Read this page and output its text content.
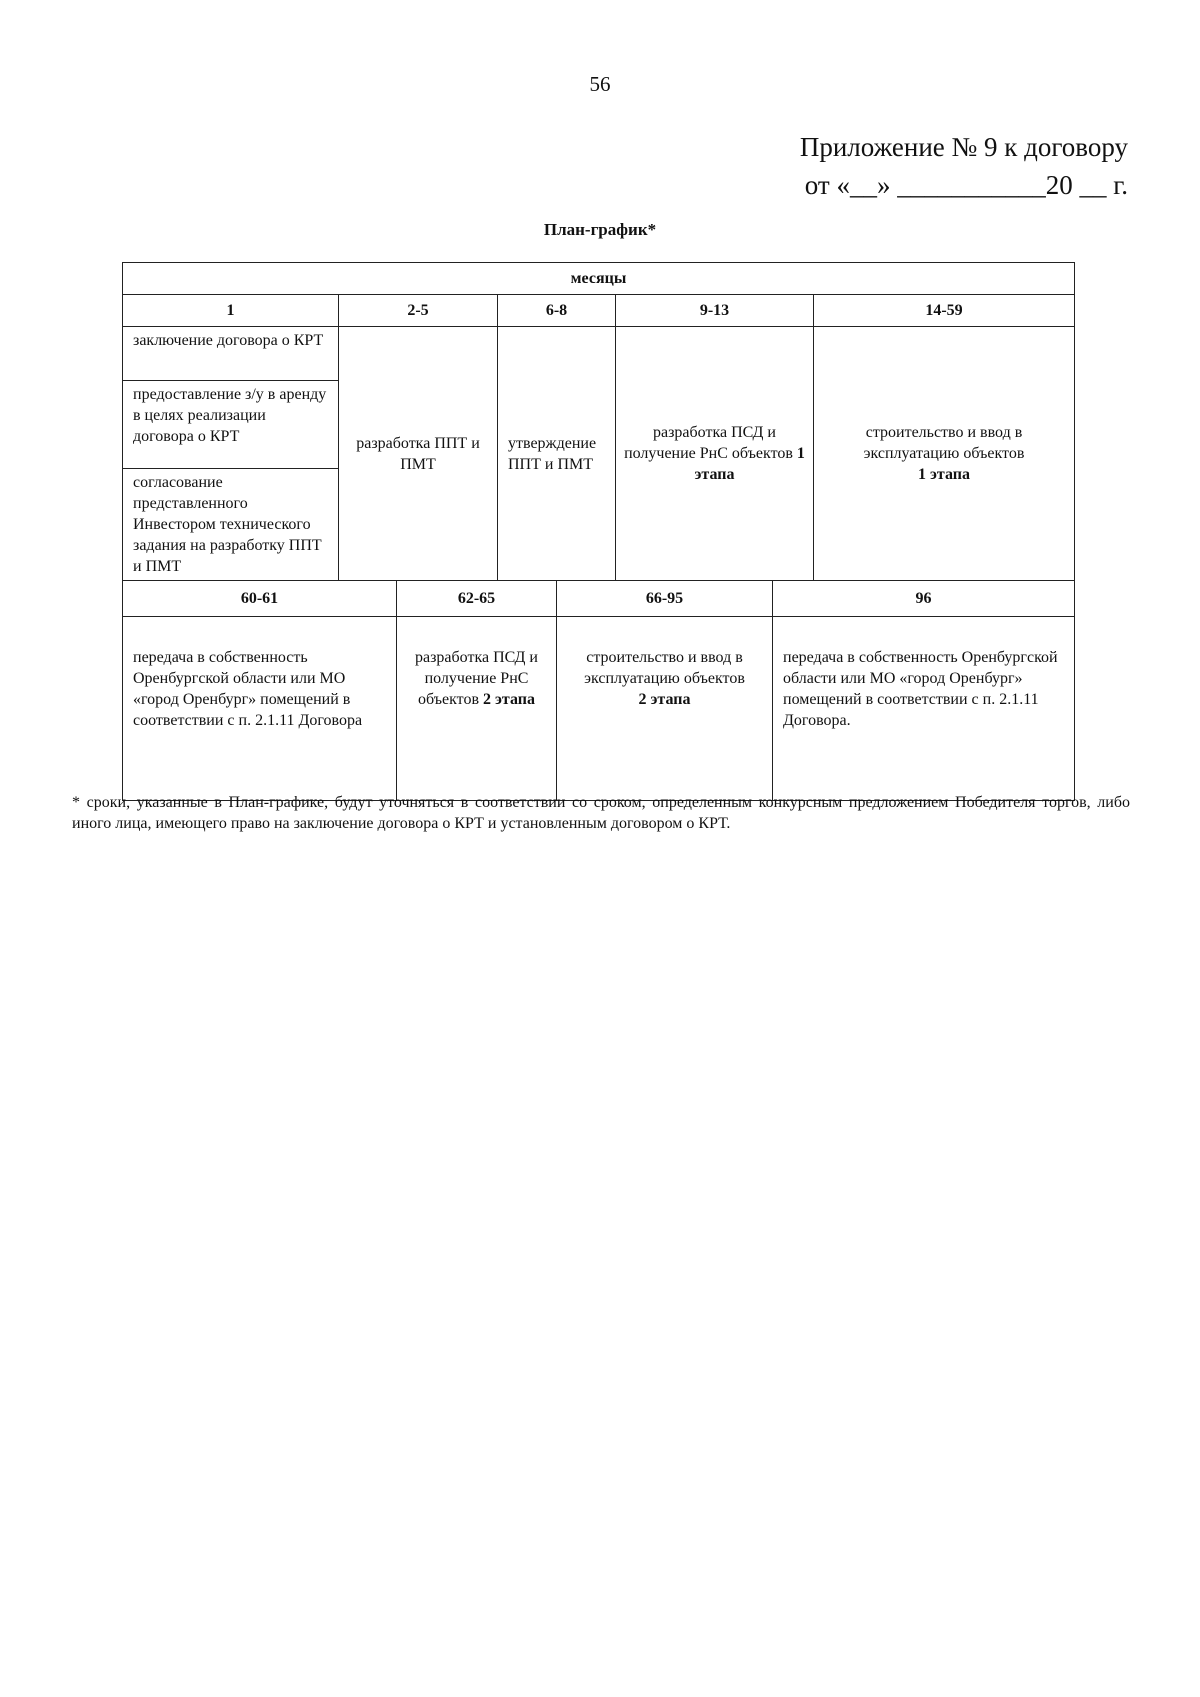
56
Приложение № 9 к договору
от «__» ___________20 __ г.
План-график*
месяцы							
1	2-5		6-8		9-13		14-59
заключение договора о КРТ	разработка ППТ и ПМТ		утверждение ППТ и ПМТ		разработка ПСД и получение РнС объектов 1 этапа		строительство и ввод в эксплуатацию объектов
1 этапа
предоставление з/у в аренду в целях реализации договора о КРТ							
согласование представленного Инвестором технического задания на разработку ППТ и ПМТ							
60-61		62-65		66-95		96	

передача в собственность Оренбургской области или МО «город Оренбург» помещений в соответствии с п. 2.1.11 Договора		разработка ПСД и получение РнС объектов 2 этапа		строительство и ввод в эксплуатацию объектов
2 этапа		передача в собственность Оренбургской области или МО «город Оренбург» помещений в соответствии с п. 2.1.11 Договора.	
* сроки, указанные в План-графике, будут уточняться в соответствии со сроком, определенным конкурсным предложением Победителя торгов, либо иного лица, имеющего право на заключение договора о КРТ и установленным договором о КРТ.
